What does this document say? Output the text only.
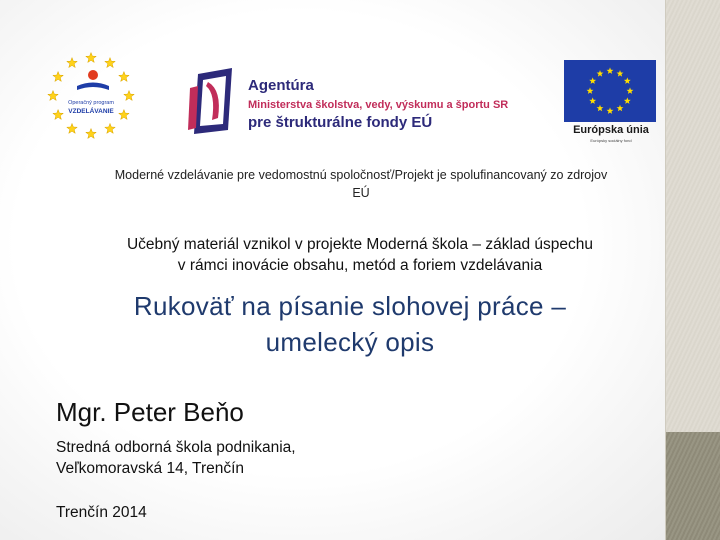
Operačný program
VZDELÁVANIE
Agentúra
Ministerstva školstva, vedy, výskumu a športu SR
pre štrukturálne fondy EÚ	Európska únia
Európsky sociálny fond
Moderné vzdelávanie pre vedomostnú spoločnosť/Projekt je spolufinancovaný zo zdrojov
EÚ
Učebný materiál vznikol v projekte Moderná škola – základ úspechu
v rámci inovácie obsahu, metód a foriem vzdelávania
Rukoväť na písanie slohovej práce –
umelecký opis
Mgr. Peter Beňo
Stredná odborná škola podnikania,
Veľkomoravská 14, Trenčín
Trenčín 2014
